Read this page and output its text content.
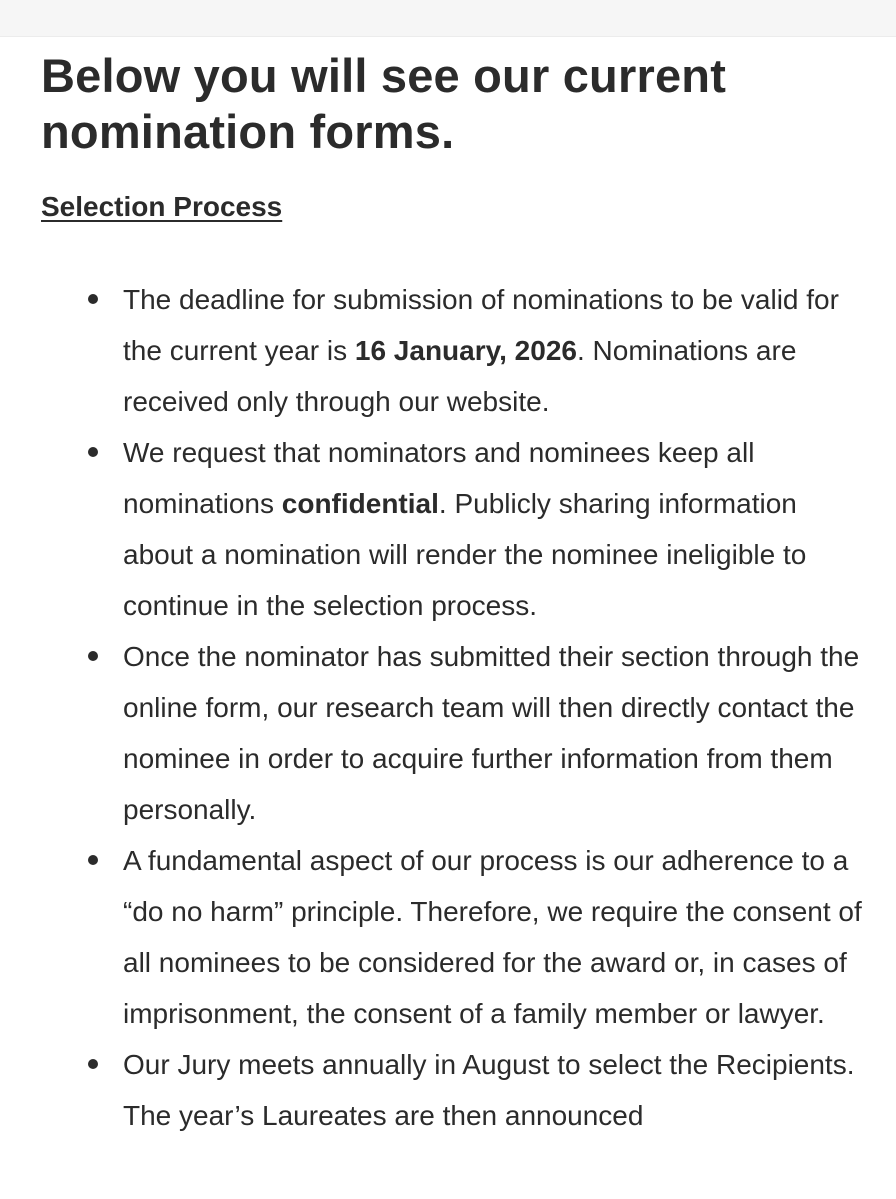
Below you will see our current nomination forms.
Selection Process
The deadline for submission of nominations to be valid for the current year is 16 January, 2026. Nominations are received only through our website.
We request that nominators and nominees keep all nominations confidential. Publicly sharing information about a nomination will render the nominee ineligible to continue in the selection process.
Once the nominator has submitted their section through the online form, our research team will then directly contact the nominee in order to acquire further information from them personally.
A fundamental aspect of our process is our adherence to a “do no harm” principle. Therefore, we require the consent of all nominees to be considered for the award or, in cases of imprisonment, the consent of a family member or lawyer.
Our Jury meets annually in August to select the Recipients. The year’s Laureates are then announced
